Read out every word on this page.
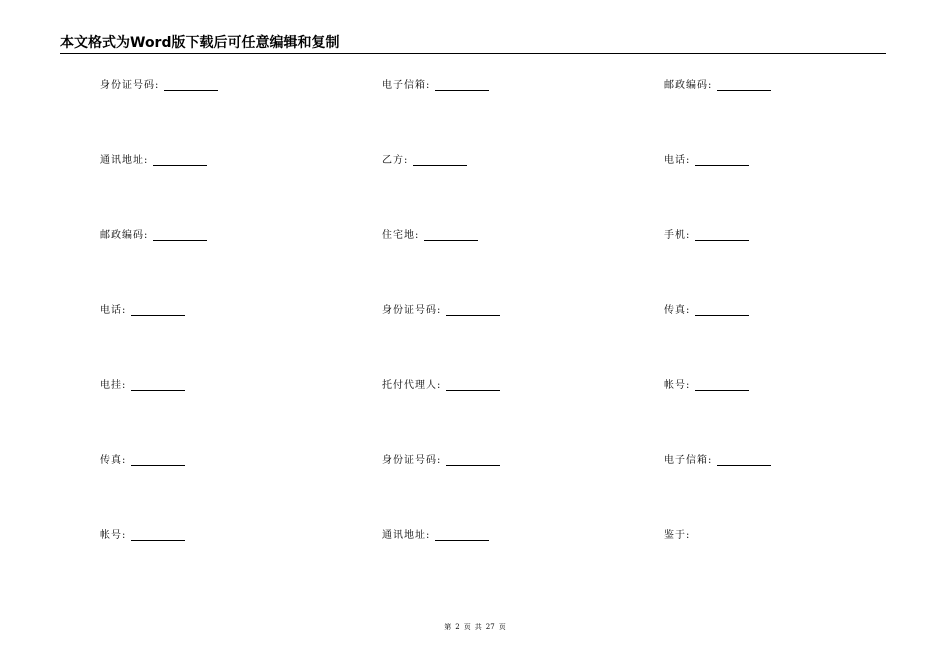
本文格式为Word版下载后可任意编辑和复制
身份证号码:	电子信箱:	邮政编码:
通讯地址:	乙方:	电话:
邮政编码:	住宅地:	手机:
电话:	身份证号码:	传真:
电挂:	托付代理人:	帐号:
传真:	身份证号码:	电子信箱:
帐号:	通讯地址:	鉴于:
第 2 页 共 27 页
